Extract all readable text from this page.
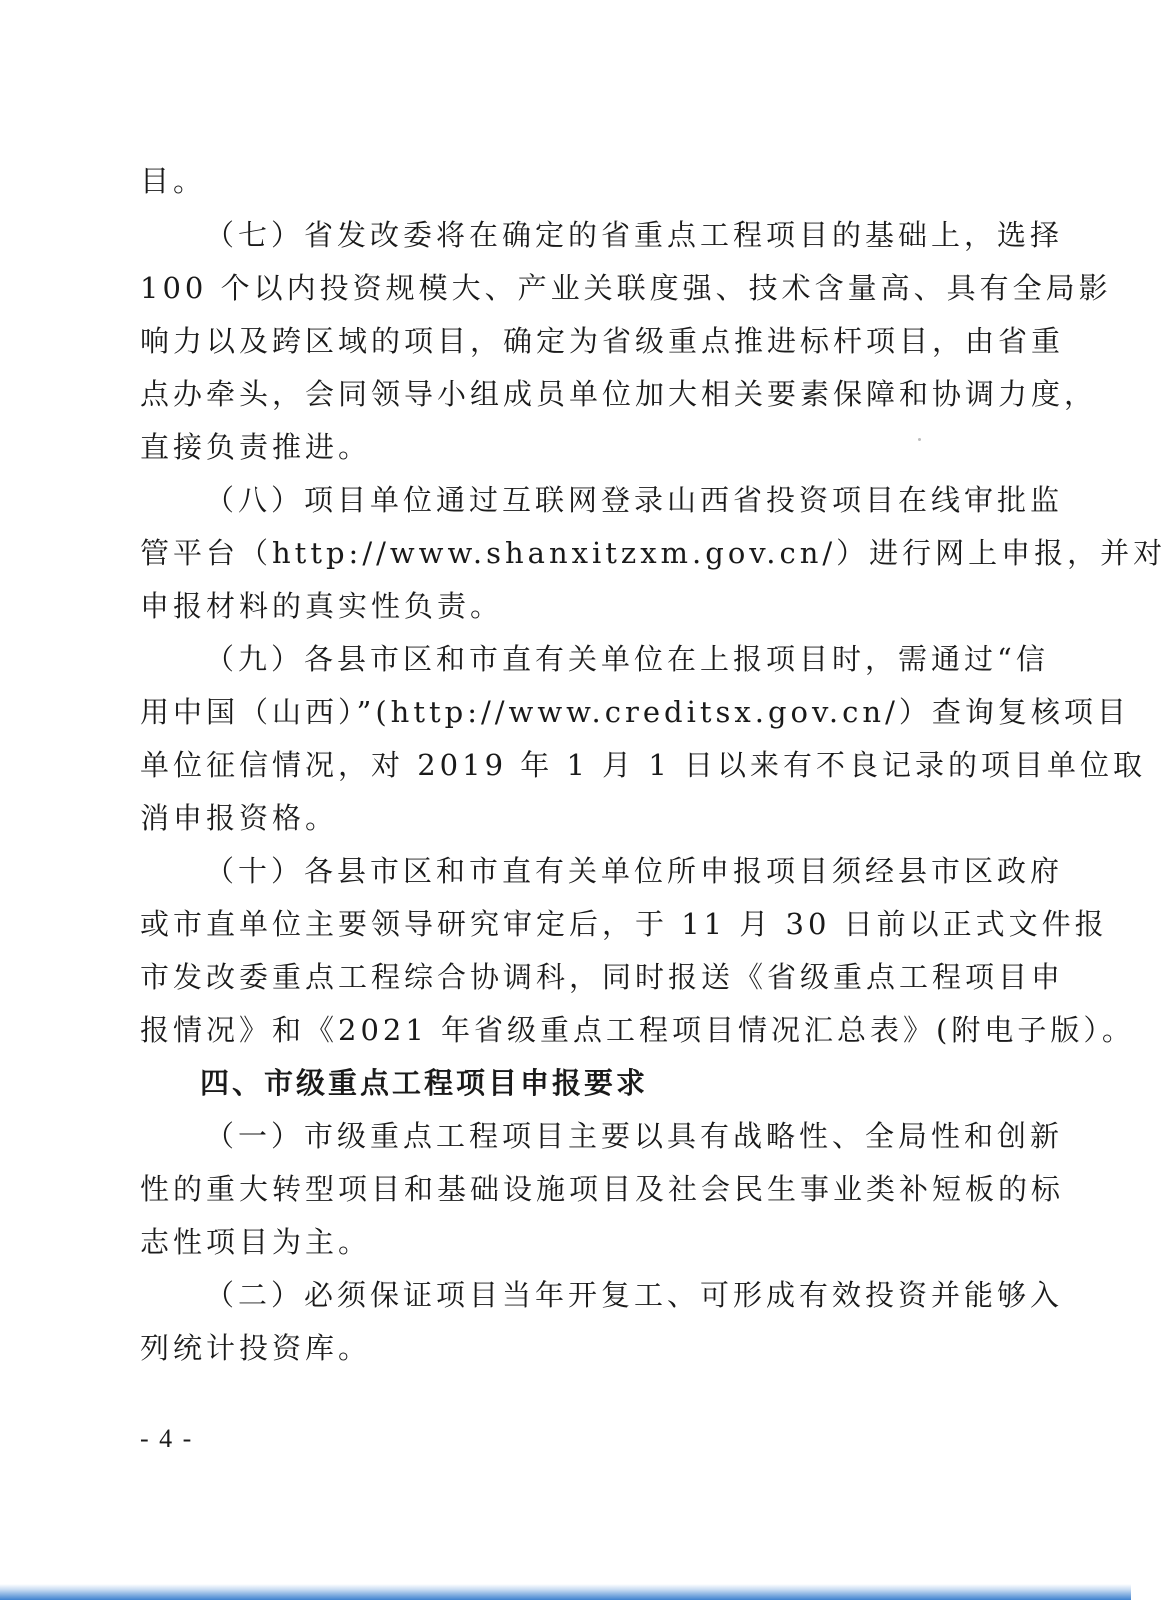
目。
（七）省发改委将在确定的省重点工程项目的基础上，选择
100 个以内投资规模大、产业关联度强、技术含量高、具有全局影
响力以及跨区域的项目，确定为省级重点推进标杆项目，由省重
点办牵头，会同领导小组成员单位加大相关要素保障和协调力度，
直接负责推进。
（八）项目单位通过互联网登录山西省投资项目在线审批监
管平台（http://www.shanxitzxm.gov.cn/）进行网上申报，并对
申报材料的真实性负责。
（九）各县市区和市直有关单位在上报项目时，需通过“信
用中国（山西）”(http://www.creditsx.gov.cn/）查询复核项目
单位征信情况，对 2019 年 1 月 1 日以来有不良记录的项目单位取
消申报资格。
（十）各县市区和市直有关单位所申报项目须经县市区政府
或市直单位主要领导研究审定后，于 11 月 30 日前以正式文件报
市发改委重点工程综合协调科，同时报送《省级重点工程项目申
报情况》和《2021 年省级重点工程项目情况汇总表》(附电子版）。
四、市级重点工程项目申报要求
（一）市级重点工程项目主要以具有战略性、全局性和创新
性的重大转型项目和基础设施项目及社会民生事业类补短板的标
志性项目为主。
（二）必须保证项目当年开复工、可形成有效投资并能够入
列统计投资库。
- 4 -
